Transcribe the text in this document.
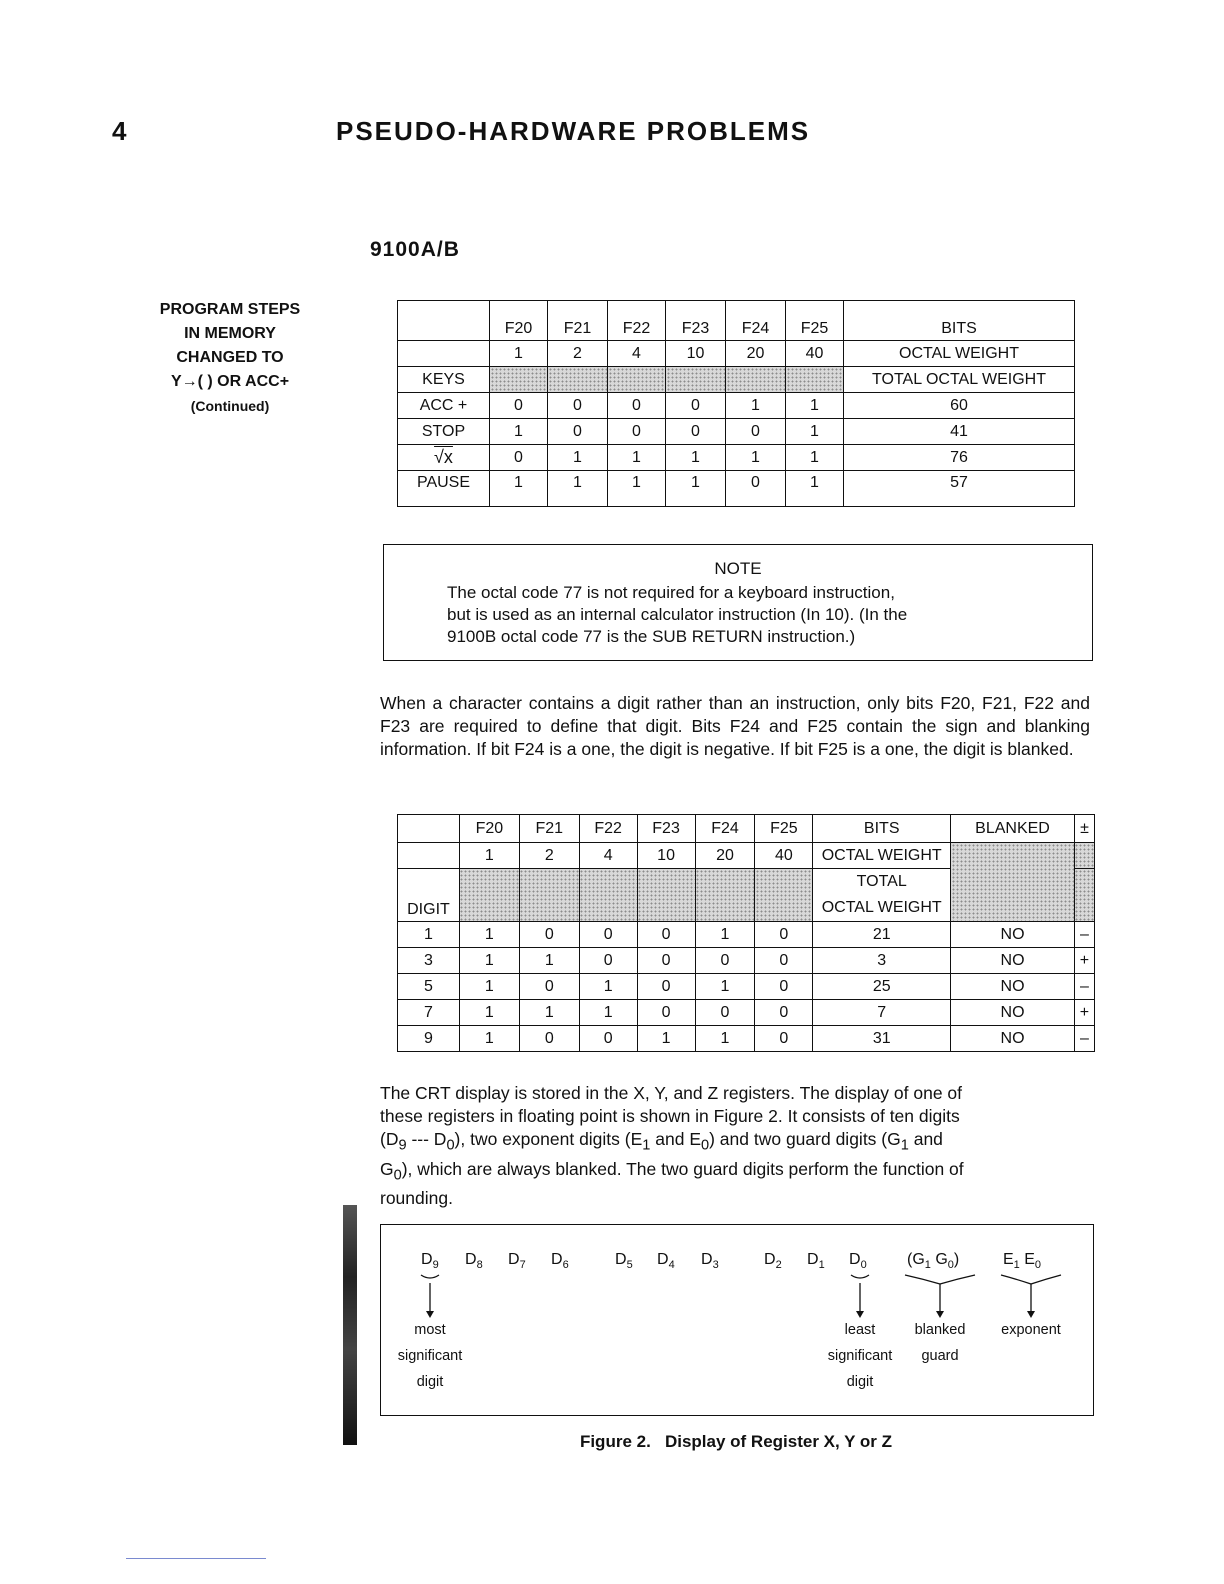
4	PSEUDO-HARDWARE PROBLEMS
9100A/B
PROGRAM STEPS
IN MEMORY
CHANGED TO
Y→( ) OR ACC+
(Continued)
	F20	F21	F22	F23	F24	F25	BITS
	1	2	4	10	20	40	OCTAL WEIGHT
KEYS							TOTAL OCTAL WEIGHT
ACC +	0	0	0	0	1	1	60
STOP	1	0	0	0	0	1	41
√x	0	1	1	1	1	1	76
PAUSE	1	1	1	1	0	1	57
NOTE
The octal code 77 is not required for a keyboard instruction,
but is used as an internal calculator instruction (In 10). (In the
9100B octal code 77 is the SUB RETURN instruction.)
When a character contains a digit rather than an instruction, only bits F20, F21, F22 and F23 are required to define that digit. Bits F24 and F25 contain the sign and blanking information. If bit F24 is a one, the digit is negative. If bit F25 is a one, the digit is blanked.
	F20	F21	F22	F23	F24	F25	BITS	BLANKED	±
	1	2	4	10	20	40	OCTAL WEIGHT		
DIGIT							TOTAL
OCTAL WEIGHT		

1	1	0	0	0	1	0	21	NO	–
3	1	1	0	0	0	0	3	NO	+
5	1	0	1	0	1	0	25	NO	–
7	1	1	1	0	0	0	7	NO	+
9	1	0	0	1	1	0	31	NO	–
The CRT display is stored in the X, Y, and Z registers. The display of one of
these registers in floating point is shown in Figure 2. It consists of ten digits
($D_9$ --- $D_0$), two exponent digits ($E_1$ and $E_0$) and two guard digits ($G_1$ and
$G_0$), which are always blanked. The two guard digits perform the function of
rounding.
$D_9$ $D_8$ $D_7$ $D_6$	$D_5$ $D_4$ $D_3$	$D_2$ $D_1$ $D_0$	($G_1$ $G_0$)	$E_1$ $E_0$
most
significant
digit
least
significant
digit
blanked
guard
exponent
Figure 2.   Display of Register X, Y or Z
